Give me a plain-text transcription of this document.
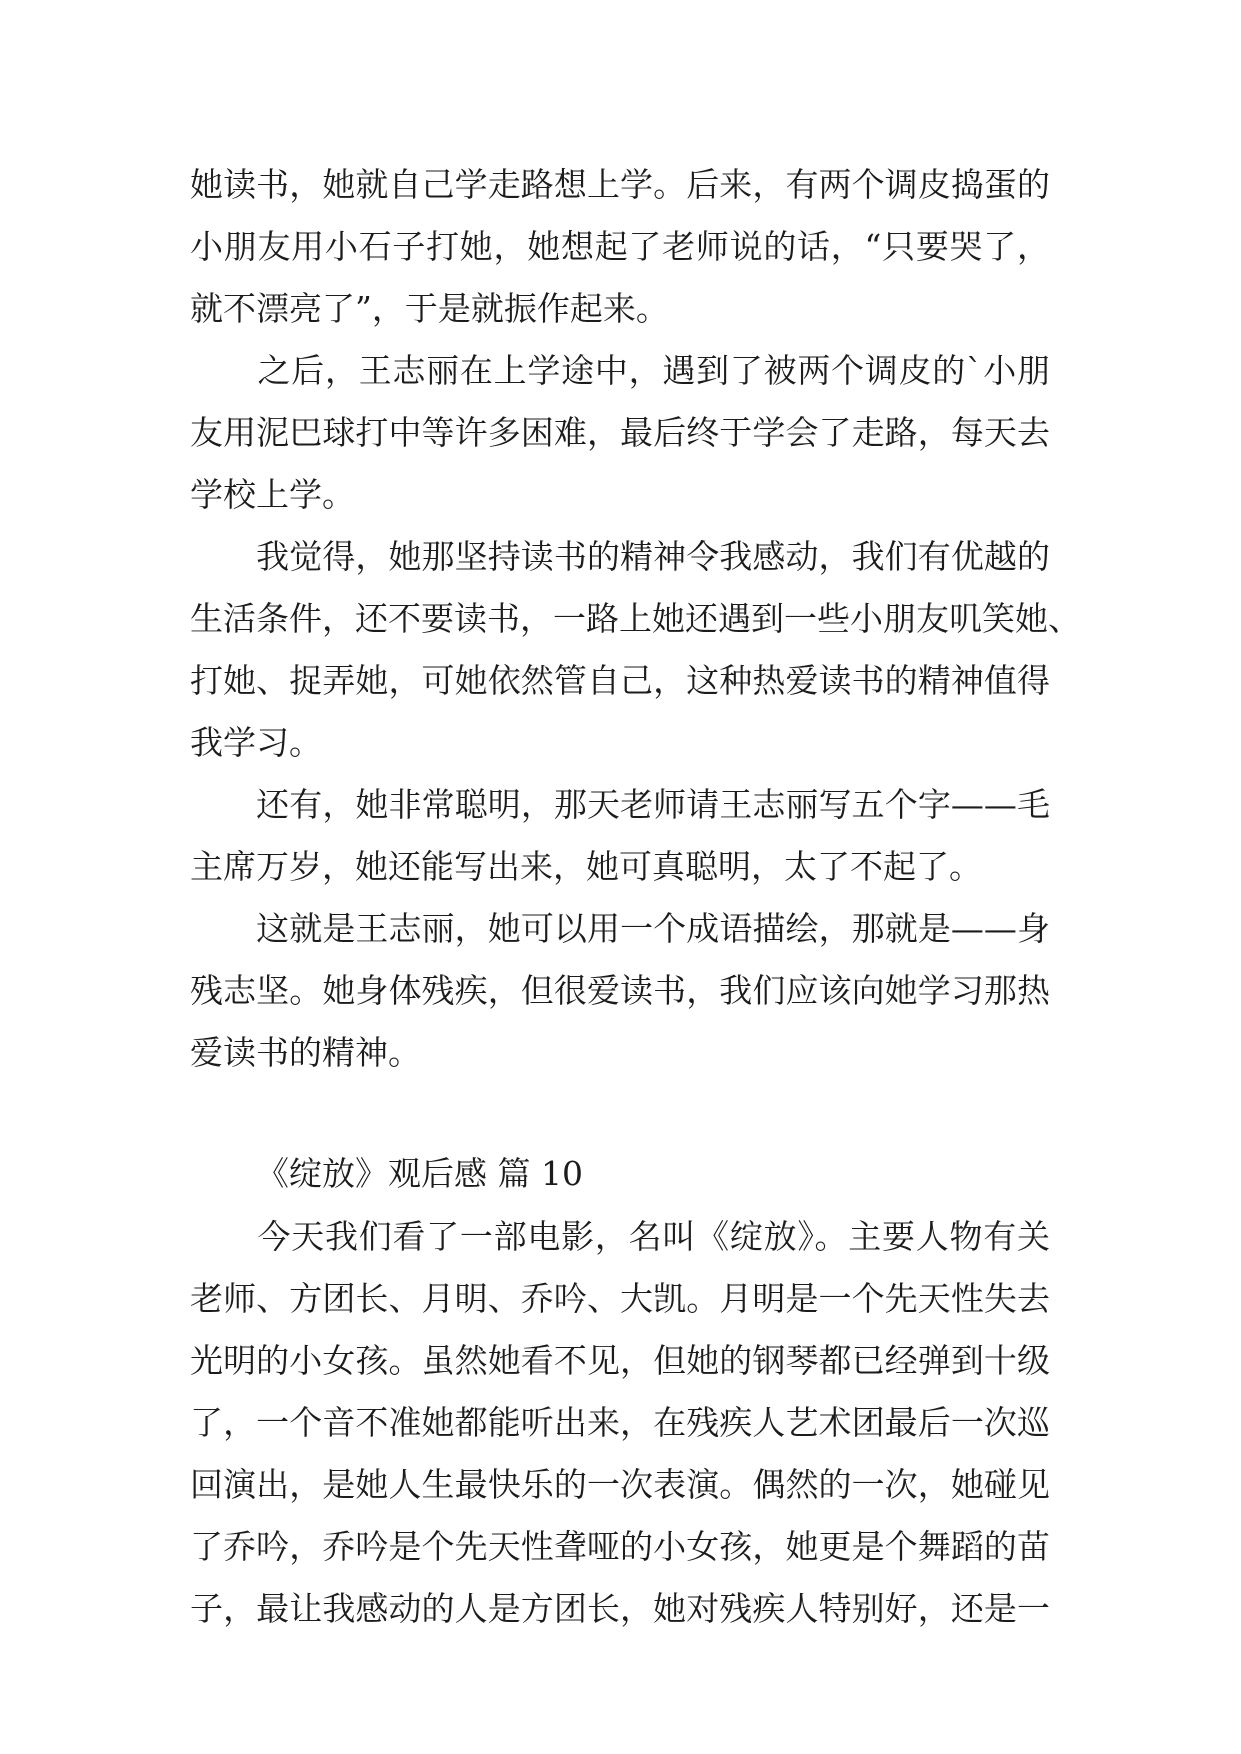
她读书，她就自己学走路想上学。后来，有两个调皮捣蛋的
小朋友用小石子打她，她想起了老师说的话，“只要哭了，
就不漂亮了”，于是就振作起来。
　　之后，王志丽在上学途中，遇到了被两个调皮的`小朋
友用泥巴球打中等许多困难，最后终于学会了走路，每天去
学校上学。
　　我觉得，她那坚持读书的精神令我感动，我们有优越的
生活条件，还不要读书，一路上她还遇到一些小朋友叽笑她、
打她、捉弄她，可她依然管自己，这种热爱读书的精神值得
我学习。
　　还有，她非常聪明，那天老师请王志丽写五个字——毛
主席万岁，她还能写出来，她可真聪明，太了不起了。
　　这就是王志丽，她可以用一个成语描绘，那就是——身
残志坚。她身体残疾，但很爱读书，我们应该向她学习那热
爱读书的精神。
《绽放》观后感 篇 10
　　今天我们看了一部电影，名叫《绽放》。主要人物有关
老师、方团长、月明、乔吟、大凯。月明是一个先天性失去
光明的小女孩。虽然她看不见，但她的钢琴都已经弹到十级
了，一个音不准她都能听出来，在残疾人艺术团最后一次巡
回演出，是她人生最快乐的一次表演。偶然的一次，她碰见
了乔吟，乔吟是个先天性聋哑的小女孩，她更是个舞蹈的苗
子，最让我感动的人是方团长，她对残疾人特别好，还是一
